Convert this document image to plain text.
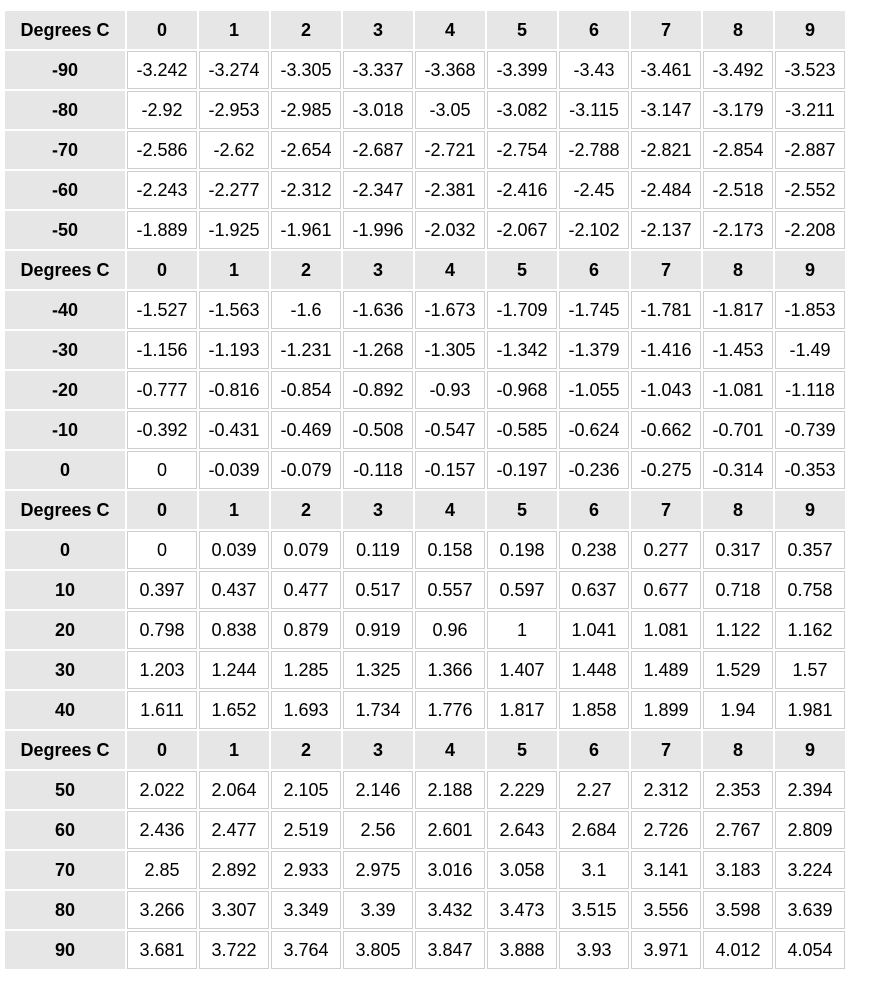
Degrees C	0	1	2	3	4	5	6	7	8	9
-90	-3.242	-3.274	-3.305	-3.337	-3.368	-3.399	-3.43	-3.461	-3.492	-3.523
-80	-2.92	-2.953	-2.985	-3.018	-3.05	-3.082	-3.115	-3.147	-3.179	-3.211
-70	-2.586	-2.62	-2.654	-2.687	-2.721	-2.754	-2.788	-2.821	-2.854	-2.887
-60	-2.243	-2.277	-2.312	-2.347	-2.381	-2.416	-2.45	-2.484	-2.518	-2.552
-50	-1.889	-1.925	-1.961	-1.996	-2.032	-2.067	-2.102	-2.137	-2.173	-2.208
Degrees C	0	1	2	3	4	5	6	7	8	9
-40	-1.527	-1.563	-1.6	-1.636	-1.673	-1.709	-1.745	-1.781	-1.817	-1.853
-30	-1.156	-1.193	-1.231	-1.268	-1.305	-1.342	-1.379	-1.416	-1.453	-1.49
-20	-0.777	-0.816	-0.854	-0.892	-0.93	-0.968	-1.055	-1.043	-1.081	-1.118
-10	-0.392	-0.431	-0.469	-0.508	-0.547	-0.585	-0.624	-0.662	-0.701	-0.739
0	0	-0.039	-0.079	-0.118	-0.157	-0.197	-0.236	-0.275	-0.314	-0.353
Degrees C	0	1	2	3	4	5	6	7	8	9
0	0	0.039	0.079	0.119	0.158	0.198	0.238	0.277	0.317	0.357
10	0.397	0.437	0.477	0.517	0.557	0.597	0.637	0.677	0.718	0.758
20	0.798	0.838	0.879	0.919	0.96	1	1.041	1.081	1.122	1.162
30	1.203	1.244	1.285	1.325	1.366	1.407	1.448	1.489	1.529	1.57
40	1.611	1.652	1.693	1.734	1.776	1.817	1.858	1.899	1.94	1.981
Degrees C	0	1	2	3	4	5	6	7	8	9
50	2.022	2.064	2.105	2.146	2.188	2.229	2.27	2.312	2.353	2.394
60	2.436	2.477	2.519	2.56	2.601	2.643	2.684	2.726	2.767	2.809
70	2.85	2.892	2.933	2.975	3.016	3.058	3.1	3.141	3.183	3.224
80	3.266	3.307	3.349	3.39	3.432	3.473	3.515	3.556	3.598	3.639
90	3.681	3.722	3.764	3.805	3.847	3.888	3.93	3.971	4.012	4.054
